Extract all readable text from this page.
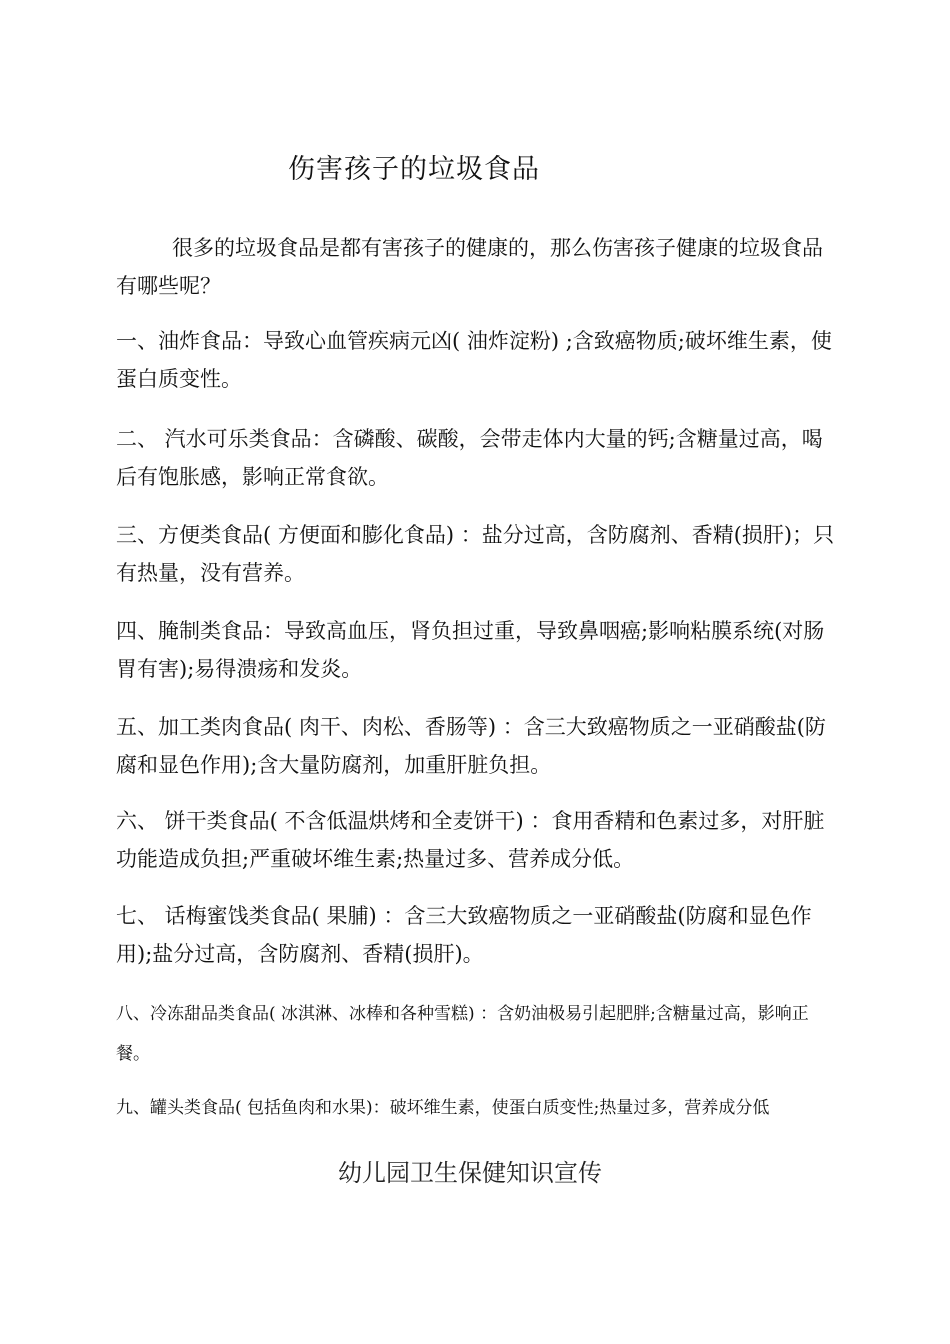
伤害孩子的垃圾食品

很多的垃圾食品是都有害孩子的健康的，那么伤害孩子健康的垃圾食品有哪些呢？

一、油炸食品：导致心血管疾病元凶( 油炸淀粉) ;含致癌物质;破坏维生素，使蛋白质变性。

二、 汽水可乐类食品：含磷酸、碳酸，会带走体内大量的钙;含糖量过高，喝后有饱胀感，影响正常食欲。

三、方便类食品( 方便面和膨化食品) ：盐分过高，含防腐剂、香精(损肝)；只有热量，没有营养。

四、腌制类食品：导致高血压，肾负担过重，导致鼻咽癌;影响粘膜系统(对肠胃有害);易得溃疡和发炎。

五、加工类肉食品( 肉干、肉松、香肠等) ：含三大致癌物质之一亚硝酸盐(防腐和显色作用);含大量防腐剂，加重肝脏负担。

六、 饼干类食品( 不含低温烘烤和全麦饼干) ：食用香精和色素过多，对肝脏功能造成负担;严重破坏维生素;热量过多、营养成分低。

七、 话梅蜜饯类食品( 果脯) ：含三大致癌物质之一亚硝酸盐(防腐和显色作用);盐分过高，含防腐剂、香精(损肝)。

八、冷冻甜品类食品( 冰淇淋、冰棒和各种雪糕) ：含奶油极易引起肥胖;含糖量过高，影响正餐。

九、罐头类食品( 包括鱼肉和水果)：破坏维生素，使蛋白质变性;热量过多，营养成分低

幼儿园卫生保健知识宣传
